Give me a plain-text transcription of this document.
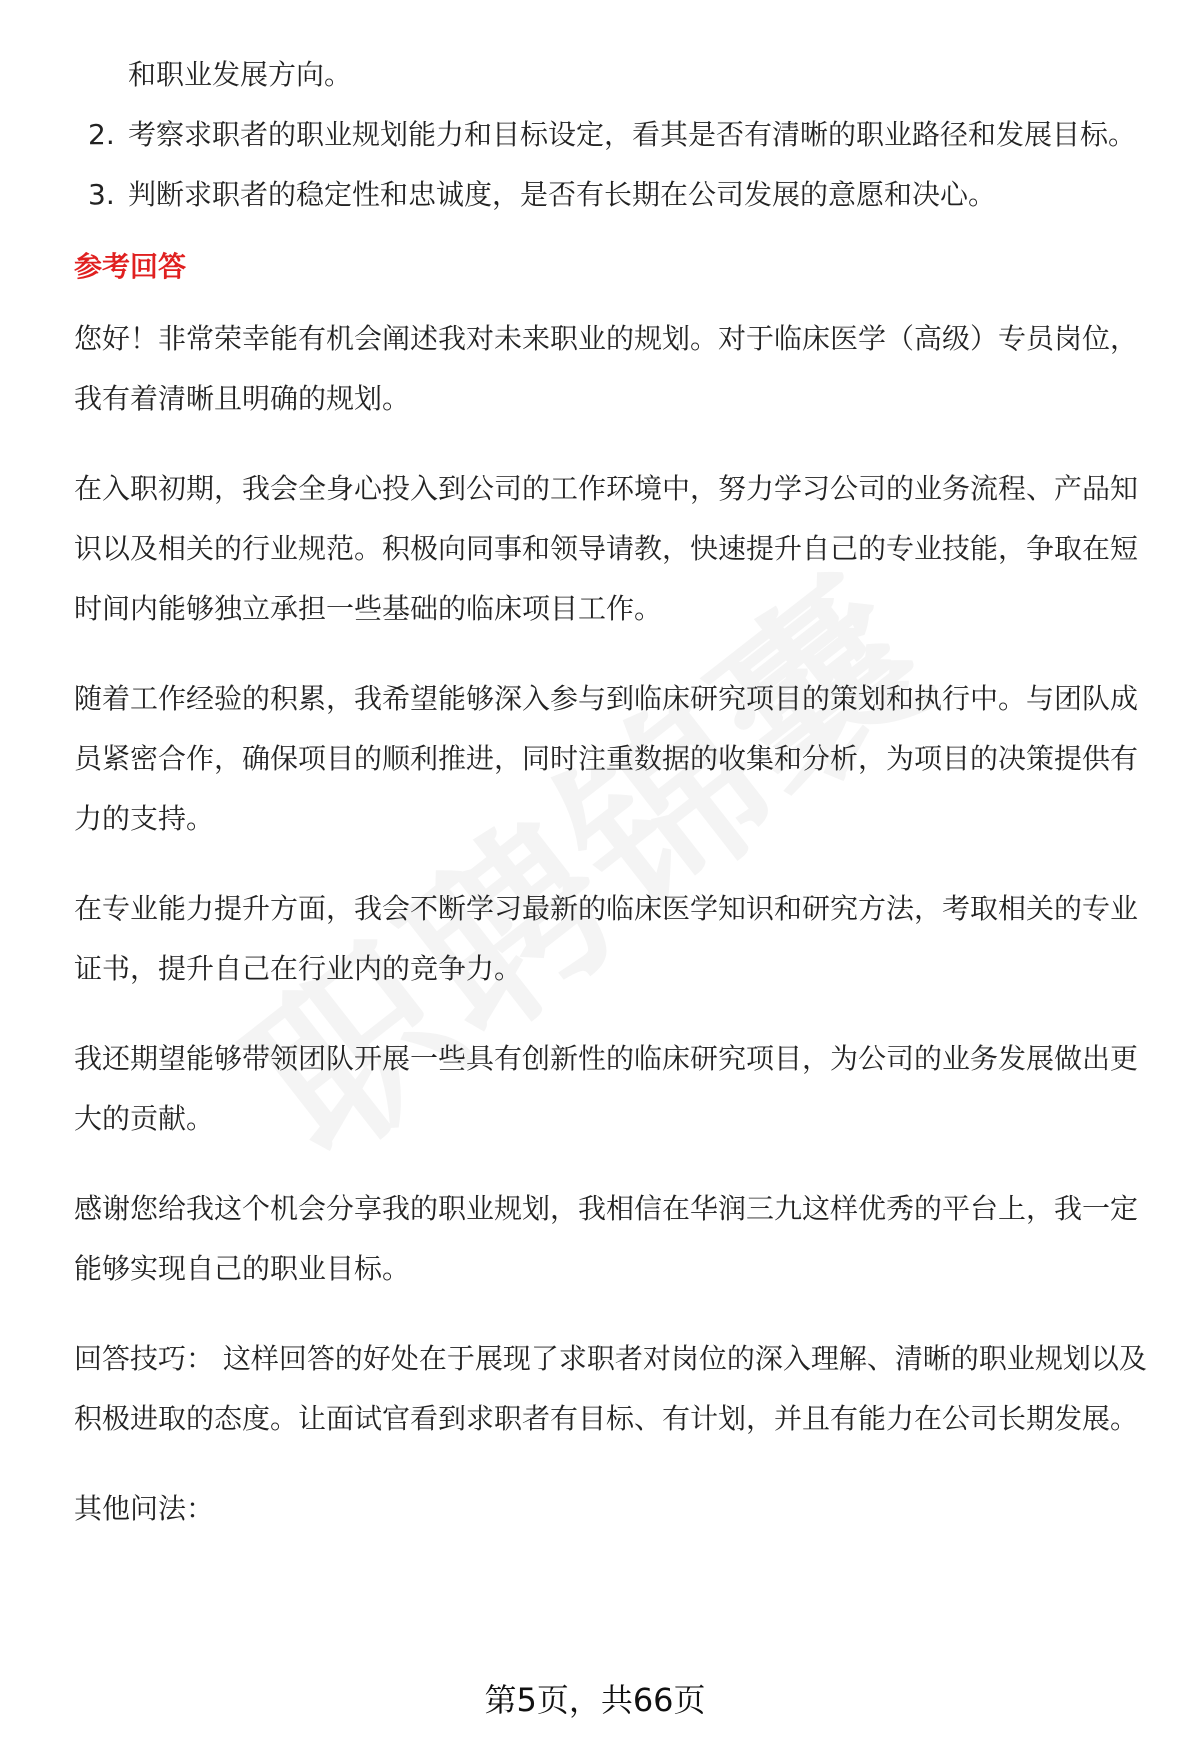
和职业发展方向。
2. 考察求职者的职业规划能力和目标设定，看其是否有清晰的职业路径和发展目标。
3. 判断求职者的稳定性和忠诚度，是否有长期在公司发展的意愿和决心。
参考回答

您好！非常荣幸能有机会阐述我对未来职业的规划。对于临床医学（高级）专员岗位，我有着清晰且明确的规划。

在入职初期，我会全身心投入到公司的工作环境中，努力学习公司的业务流程、产品知识以及相关的行业规范。积极向同事和领导请教，快速提升自己的专业技能，争取在短时间内能够独立承担一些基础的临床项目工作。

随着工作经验的积累，我希望能够深入参与到临床研究项目的策划和执行中。与团队成员紧密合作，确保项目的顺利推进，同时注重数据的收集和分析，为项目的决策提供有力的支持。

在专业能力提升方面，我会不断学习最新的临床医学知识和研究方法，考取相关的专业证书，提升自己在行业内的竞争力。

我还期望能够带领团队开展一些具有创新性的临床研究项目，为公司的业务发展做出更大的贡献。

感谢您给我这个机会分享我的职业规划，我相信在华润三九这样优秀的平台上，我一定能够实现自己的职业目标。

回答技巧： 这样回答的好处在于展现了求职者对岗位的深入理解、清晰的职业规划以及积极进取的态度。让面试官看到求职者有目标、有计划，并且有能力在公司长期发展。

其他问法：

第5页，共66页
